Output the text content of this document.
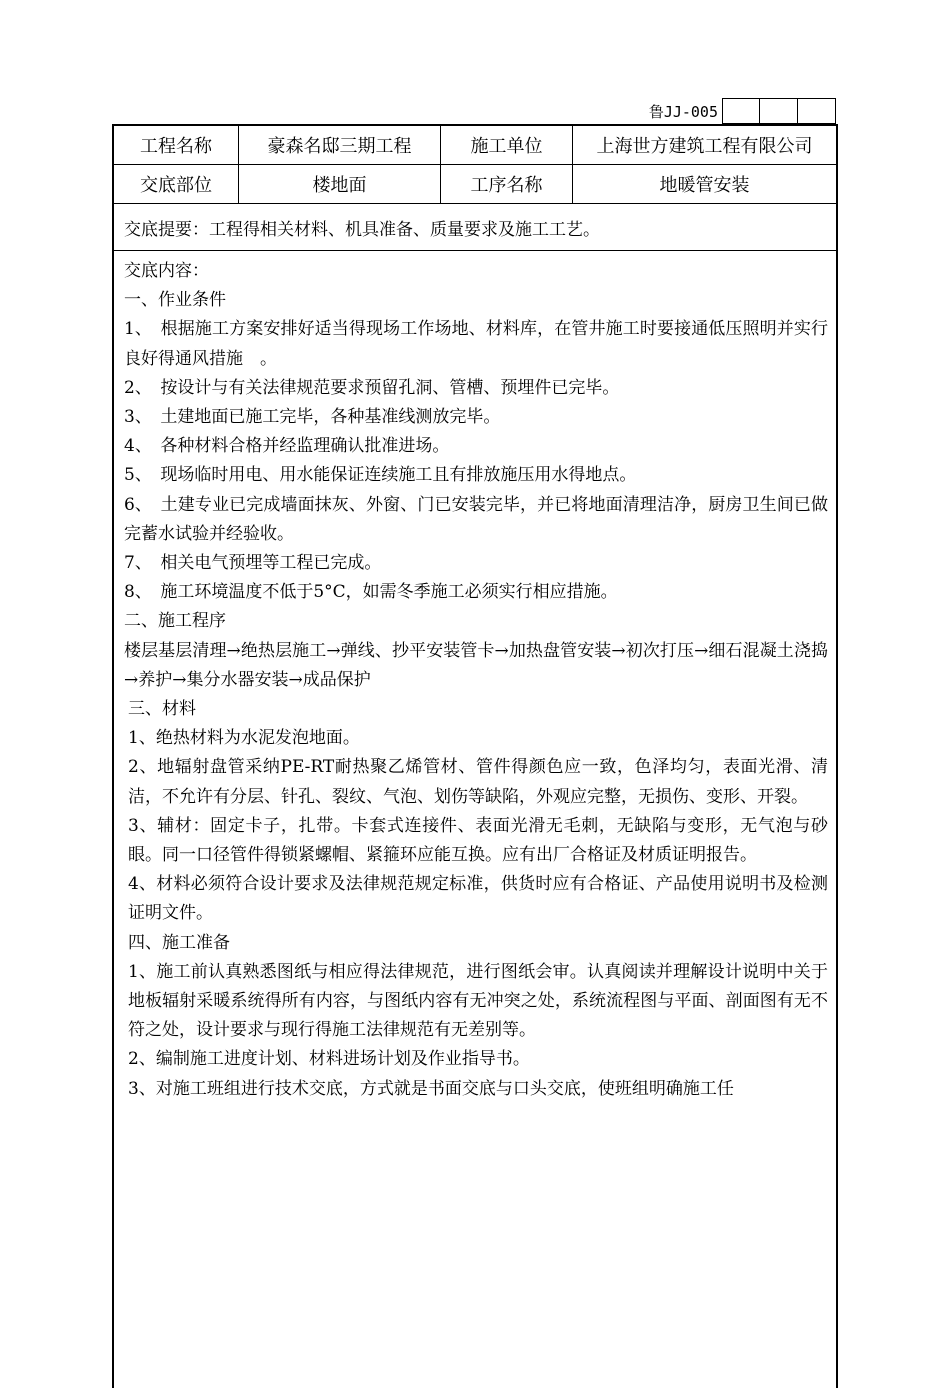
鲁JJ-005
工程名称	豪森名邸三期工程	施工单位	上海世方建筑工程有限公司
交底部位	楼地面	工序名称	地暖管安装
交底提要：工程得相关材料、机具准备、质量要求及施工工艺。

交底内容：

一、作业条件

1、　根据施工方案安排好适当得现场工作场地、材料库，在管井施工时要接通低压照明并实行良好得通风措施　。

2、　按设计与有关法律规范要求预留孔洞、管槽、预埋件已完毕。

3、　土建地面已施工完毕，各种基准线测放完毕。

4、　各种材料合格并经监理确认批准进场。

5、　现场临时用电、用水能保证连续施工且有排放施压用水得地点。

6、　土建专业已完成墙面抹灰、外窗、门已安装完毕，并已将地面清理洁净，厨房卫生间已做完蓄水试验并经验收。

7、　相关电气预埋等工程已完成。

8、　施工环境温度不低于5°C，如需冬季施工必须实行相应措施。

二、施工程序

楼层基层清理→绝热层施工→弹线、抄平安装管卡→加热盘管安装→初次打压→细石混凝土浇捣→养护→集分水器安装→成品保护

三、材料

1、绝热材料为水泥发泡地面。

2、地辐射盘管采纳PE-RT耐热聚乙烯管材、管件得颜色应一致，色泽均匀，表面光滑、清洁，不允许有分层、针孔、裂纹、气泡、划伤等缺陷，外观应完整，无损伤、变形、开裂。

3、辅材：固定卡子，扎带。卡套式连接件、表面光滑无毛刺，无缺陷与变形，无气泡与砂眼。同一口径管件得锁紧螺帽、紧箍环应能互换。应有出厂合格证及材质证明报告。

4、材料必须符合设计要求及法律规范规定标准，供货时应有合格证、产品使用说明书及检测证明文件。

四、施工准备

1、施工前认真熟悉图纸与相应得法律规范，进行图纸会审。认真阅读并理解设计说明中关于地板辐射采暖系统得所有内容，与图纸内容有无冲突之处，系统流程图与平面、剖面图有无不符之处，设计要求与现行得施工法律规范有无差别等。

2、编制施工进度计划、材料进场计划及作业指导书。

3、对施工班组进行技术交底，方式就是书面交底与口头交底，使班组明确施工任
